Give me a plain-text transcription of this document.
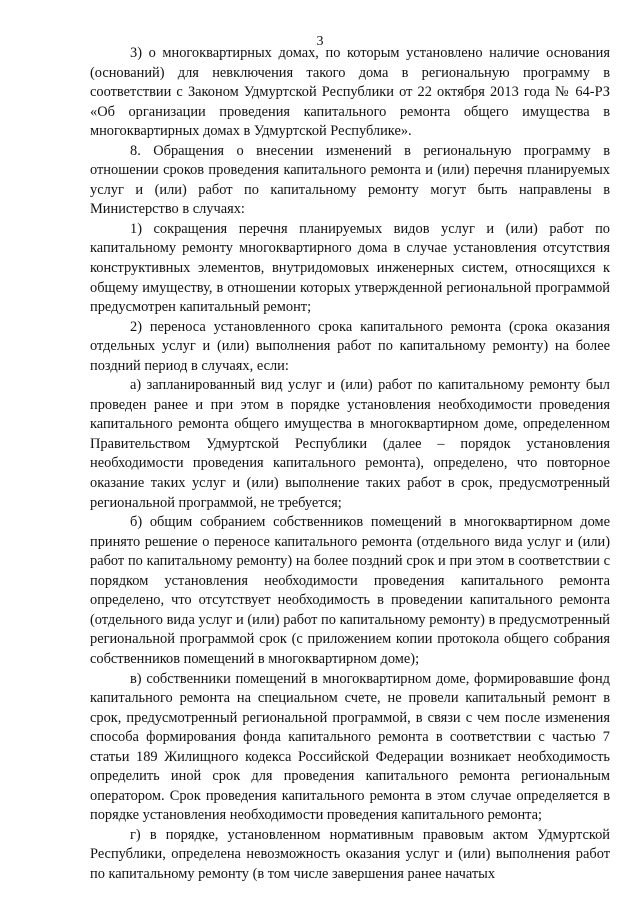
3

3) о многоквартирных домах, по которым установлено наличие основания (оснований) для невключения такого дома в региональную программу в соответствии с Законом Удмуртской Республики от 22 октября 2013 года № 64-РЗ «Об организации проведения капитального ремонта общего имущества в многоквартирных домах в Удмуртской Республике».

8. Обращения о внесении изменений в региональную программу в отношении сроков проведения капитального ремонта и (или) перечня планируемых услуг и (или) работ по капитальному ремонту могут быть направлены в Министерство в случаях:

1) сокращения перечня планируемых видов услуг и (или) работ по капитальному ремонту многоквартирного дома в случае установления отсутствия конструктивных элементов, внутридомовых инженерных систем, относящихся к общему имуществу, в отношении которых утвержденной региональной программой предусмотрен капитальный ремонт;

2) переноса установленного срока капитального ремонта (срока оказания отдельных услуг и (или) выполнения работ по капитальному ремонту) на более поздний период в случаях, если:

а) запланированный вид услуг и (или) работ по капитальному ремонту был проведен ранее и при этом в порядке установления необходимости проведения капитального ремонта общего имущества в многоквартирном доме, определенном Правительством Удмуртской Республики (далее – порядок установления необходимости проведения капитального ремонта), определено, что повторное оказание таких услуг и (или) выполнение таких работ в срок, предусмотренный региональной программой, не требуется;

б) общим собранием собственников помещений в многоквартирном доме принято решение о переносе капитального ремонта (отдельного вида услуг и (или) работ по капитальному ремонту) на более поздний срок и при этом в соответствии с порядком установления необходимости проведения капитального ремонта определено, что отсутствует необходимость в проведении капитального ремонта (отдельного вида услуг и (или) работ по капитальному ремонту) в предусмотренный региональной программой срок (с приложением копии протокола общего собрания собственников помещений в многоквартирном доме);

в) собственники помещений в многоквартирном доме, формировавшие фонд капитального ремонта на специальном счете, не провели капитальный ремонт в срок, предусмотренный региональной программой, в связи с чем после изменения способа формирования фонда капитального ремонта в соответствии с частью 7 статьи 189 Жилищного кодекса Российской Федерации возникает необходимость определить иной срок для проведения капитального ремонта региональным оператором. Срок проведения капитального ремонта в этом случае определяется в порядке установления необходимости проведения капитального ремонта;

г) в порядке, установленном нормативным правовым актом Удмуртской Республики, определена невозможность оказания услуг и (или) выполнения работ по капитальному ремонту (в том числе завершения ранее начатых
